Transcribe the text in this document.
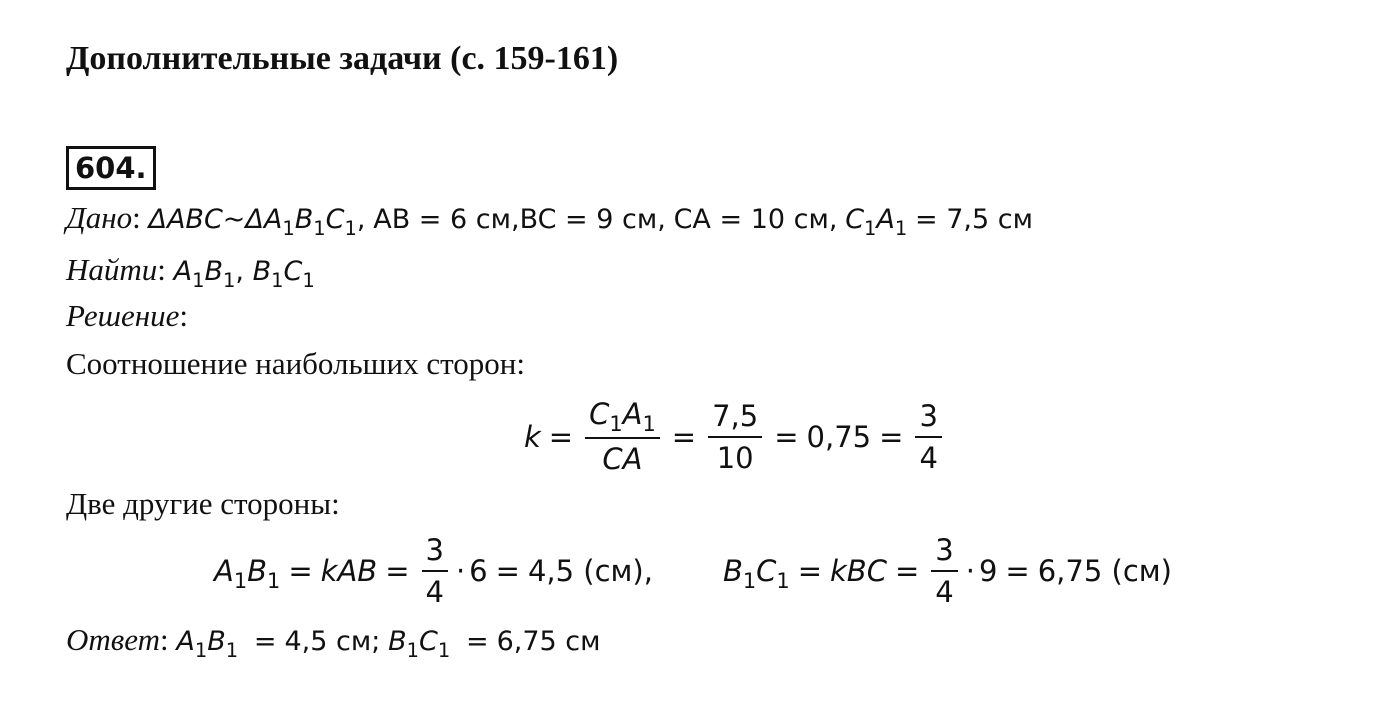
Дополнительные задачи (с. 159-161)
604.
Дано: $\Delta ABC\sim\Delta A_1B_1C_1$, AB = 6 см,BC = 9 см, CA = 10 см, $C_1A_1 = 7,5$ см
Найти: $A_1B_1$, $B_1C_1$
Решение:
Соотношение наибольших сторон:
$k = \frac{C_1A_1}{CA} = \frac{7,5}{10} = 0,75 = \frac{3}{4}$
Две другие стороны:
$A_1B_1$ = kAB = $\frac{3}{4} \cdot 6 = 4,5$ (см), $B_1C_1$ = kBC = $\frac{3}{4} \cdot 9 = 6,75$ (см)
Ответ: $A_1B_1 = 4,5$ см; $B_1C_1 = 6,75$ см
